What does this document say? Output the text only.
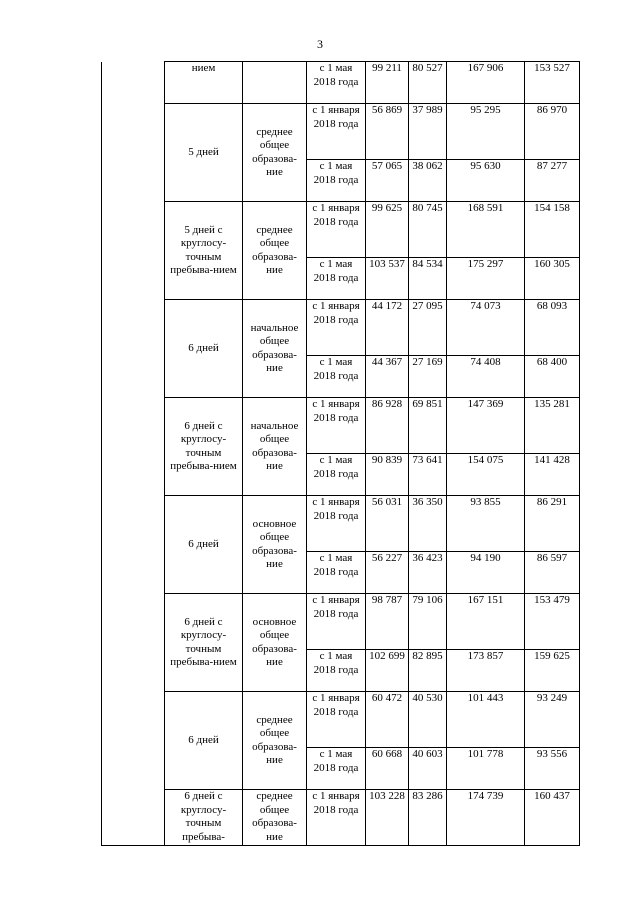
3
	нием		с 1 мая 2018 года	99 211	80 527	167 906	153 527
	5 дней	среднее общее образова-ние	с 1 января 2018 года	56 869	37 989	95 295	86 970
			с 1 мая 2018 года	57 065	38 062	95 630	87 277
	5 дней с круглосу-точным пребыва-нием	среднее общее образова-ние	с 1 января 2018 года	99 625	80 745	168 591	154 158
			с 1 мая 2018 года	103 537	84 534	175 297	160 305
	6 дней	начальное общее образова-ние	с 1 января 2018 года	44 172	27 095	74 073	68 093
			с 1 мая 2018 года	44 367	27 169	74 408	68 400
	6 дней с круглосу-точным пребыва-нием	начальное общее образова-ние	с 1 января 2018 года	86 928	69 851	147 369	135 281
			с 1 мая 2018 года	90 839	73 641	154 075	141 428
	6 дней	основное общее образова-ние	с 1 января 2018 года	56 031	36 350	93 855	86 291
			с 1 мая 2018 года	56 227	36 423	94 190	86 597
	6 дней с круглосу-точным пребыва-нием	основное общее образова-ние	с 1 января 2018 года	98 787	79 106	167 151	153 479
			с 1 мая 2018 года	102 699	82 895	173 857	159 625
	6 дней	среднее общее образова-ние	с 1 января 2018 года	60 472	40 530	101 443	93 249
			с 1 мая 2018 года	60 668	40 603	101 778	93 556
	6 дней с круглосу-точным пребыва-	среднее общее образова-ние	с 1 января 2018 года	103 228	83 286	174 739	160 437
